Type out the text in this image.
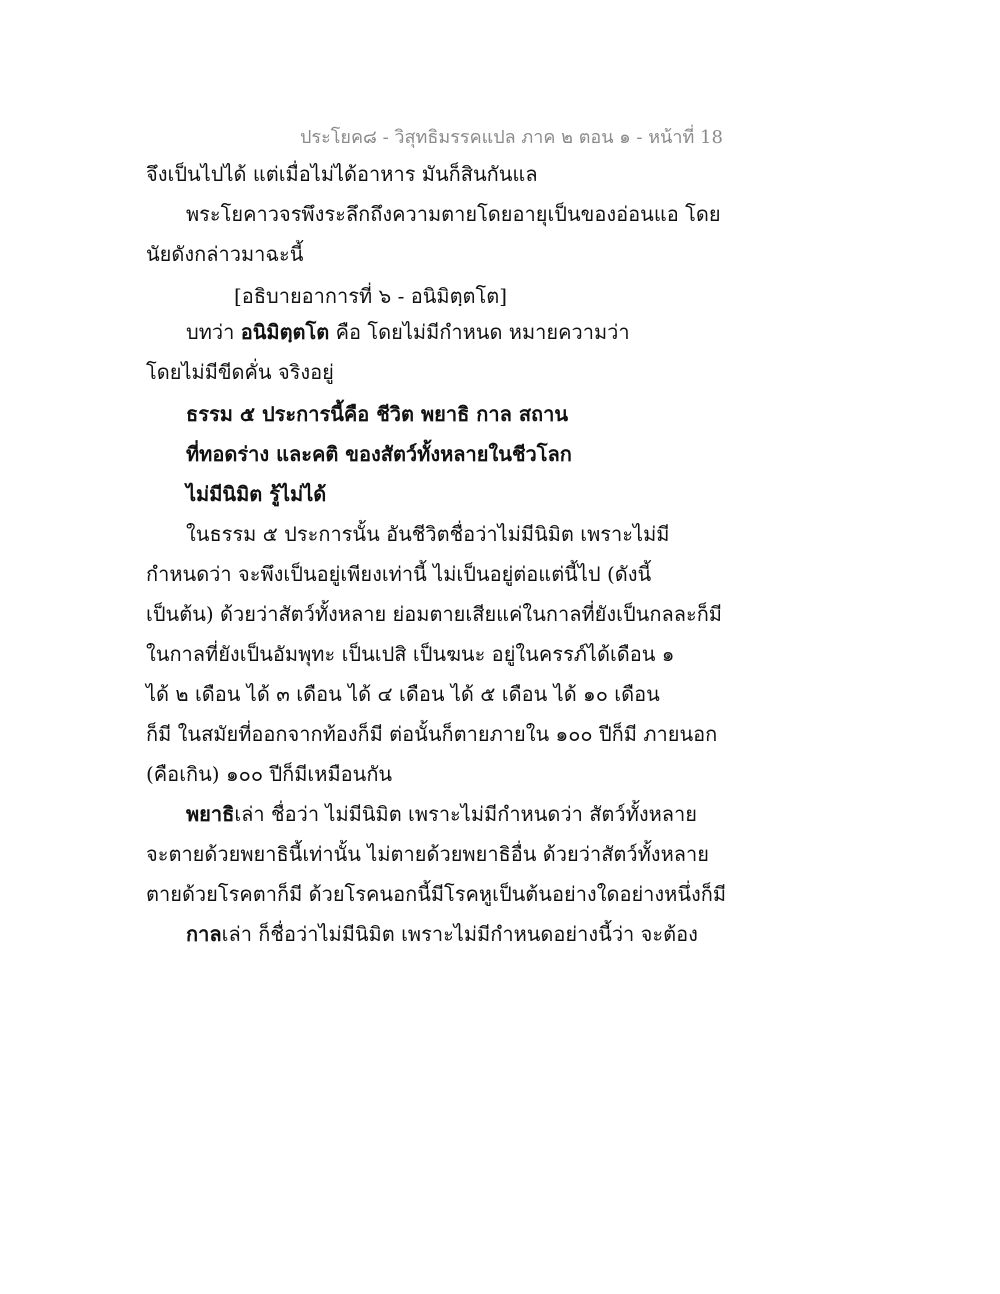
ประโยค๘ - วิสุทธิมรรคแปล ภาค ๒ ตอน ๑ - หน้าที่ 18
จึงเป็นไปได้ แต่เมื่อไม่ได้อาหาร มันก็สินกันแล
พระโยคาวจรพึงระลึกถึงความตายโดยอายุเป็นของอ่อนแอ โดย
นัยดังกล่าวมาฉะนี้
[อธิบายอาการที่ ๖ - อนิมิตฺตโต]
บทว่า อนิมิตฺตโต คือ โดยไม่มีกำหนด หมายความว่า
โดยไม่มีขีดคั่น จริงอยู่
ธรรม ๕ ประการนี้คือ ชีวิต พยาธิ กาล สถาน
ที่ทอดร่าง และคติ ของสัตว์ทั้งหลายในชีวโลก
ไม่มีนิมิต รู้ไม่ได้
ในธรรม ๕ ประการนั้น อันชีวิตชื่อว่าไม่มีนิมิต เพราะไม่มี
กำหนดว่า จะพึงเป็นอยู่เพียงเท่านี้ ไม่เป็นอยู่ต่อแต่นี้ไป (ดังนี้
เป็นต้น) ด้วยว่าสัตว์ทั้งหลาย ย่อมตายเสียแค่ในกาลที่ยังเป็นกลละก็มี
ในกาลที่ยังเป็นอัมพุทะ เป็นเปสิ เป็นฆนะ อยู่ในครรภ์ได้เดือน ๑
ได้ ๒ เดือน ได้ ๓ เดือน ได้ ๔ เดือน ได้ ๕ เดือน ได้ ๑๐ เดือน
ก็มี ในสมัยที่ออกจากท้องก็มี ต่อนั้นก็ตายภายใน ๑๐๐ ปีก็มี ภายนอก
(คือเกิน) ๑๐๐ ปีก็มีเหมือนกัน
พยาธิเล่า ชื่อว่า ไม่มีนิมิต เพราะไม่มีกำหนดว่า สัตว์ทั้งหลาย
จะตายด้วยพยาธินี้เท่านั้น ไม่ตายด้วยพยาธิอื่น ด้วยว่าสัตว์ทั้งหลาย
ตายด้วยโรคตาก็มี ด้วยโรคนอกนี้มีโรคหูเป็นต้นอย่างใดอย่างหนึ่งก็มี
กาลเล่า ก็ชื่อว่าไม่มีนิมิต เพราะไม่มีกำหนดอย่างนี้ว่า จะต้อง
